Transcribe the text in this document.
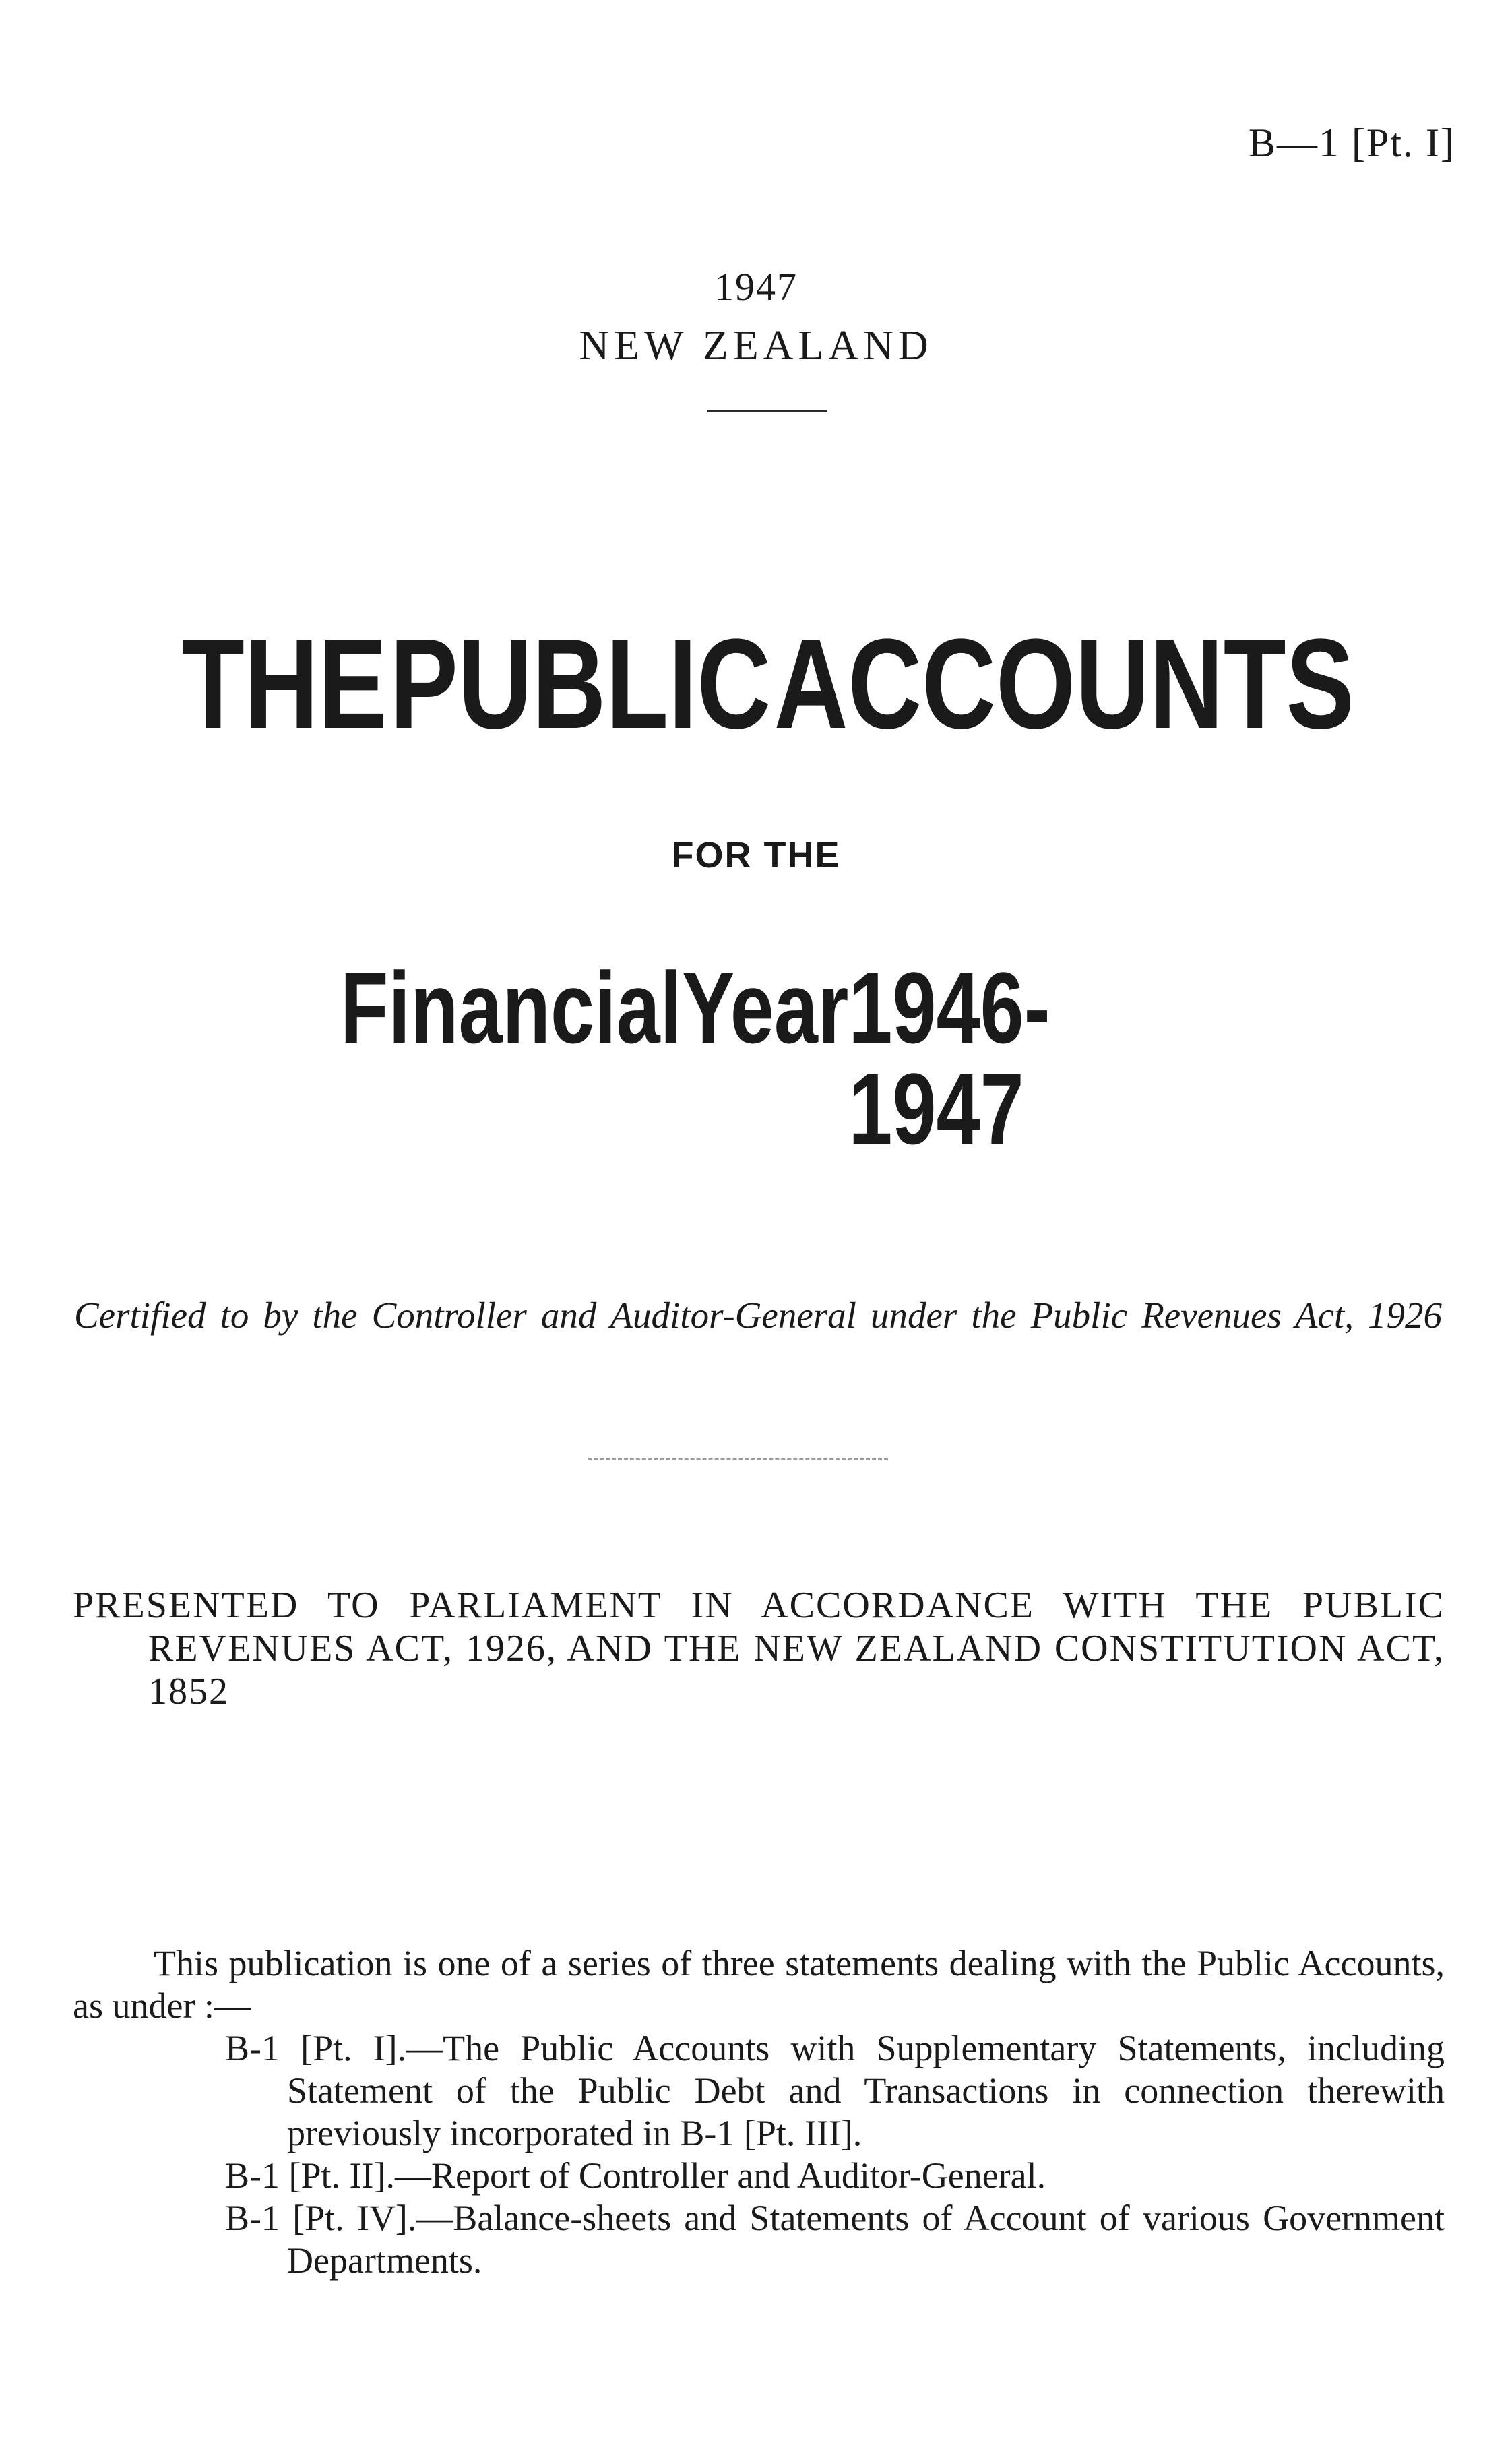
B—1 [Pt. I]
1947
NEW ZEALAND
THE PUBLIC ACCOUNTS
FOR THE
Financial Year 1946-1947
Certified to by the Controller and Auditor-General under the Public Revenues Act, 1926
PRESENTED TO PARLIAMENT IN ACCORDANCE WITH THE PUBLIC REVENUES ACT, 1926, AND THE NEW ZEALAND CONSTITUTION ACT, 1852
This publication is one of a series of three statements dealing with the Public Accounts, as under :—
B-1 [Pt. I].—The Public Accounts with Supplementary Statements, including Statement of the Public Debt and Transactions in connection therewith previously incorporated in B-1 [Pt. III].
B-1 [Pt. II].—Report of Controller and Auditor-General.
B-1 [Pt. IV].—Balance-sheets and Statements of Account of various Government Departments.
